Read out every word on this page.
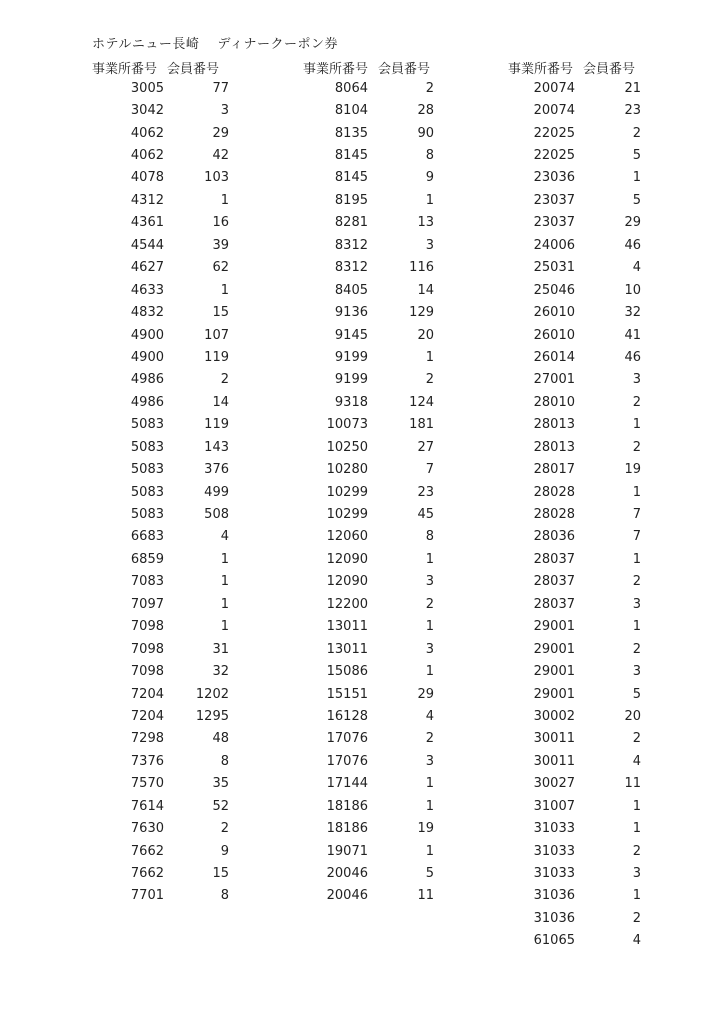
ホテルニュー長崎　 ディナークーポン券
事業所番号 会員番号
3005	77
3042	3
4062	29
4062	42
4078	103
4312	1
4361	16
4544	39
4627	62
4633	1
4832	15
4900	107
4900	119
4986	2
4986	14
5083	119
5083	143
5083	376
5083	499
5083	508
6683	4
6859	1
7083	1
7097	1
7098	1
7098	31
7098	32
7204	1202
7204	1295
7298	48
7376	8
7570	35
7614	52
7630	2
7662	9
7662	15
7701	8
事業所番号 会員番号
8064	2
8104	28
8135	90
8145	8
8145	9
8195	1
8281	13
8312	3
8312	116
8405	14
9136	129
9145	20
9199	1
9199	2
9318	124
10073	181
10250	27
10280	7
10299	23
10299	45
12060	8
12090	1
12090	3
12200	2
13011	1
13011	3
15086	1
15151	29
16128	4
17076	2
17076	3
17144	1
18186	1
18186	19
19071	1
20046	5
20046	11
事業所番号 会員番号
20074	21
20074	23
22025	2
22025	5
23036	1
23037	5
23037	29
24006	46
25031	4
25046	10
26010	32
26010	41
26014	46
27001	3
28010	2
28013	1
28013	2
28017	19
28028	1
28028	7
28036	7
28037	1
28037	2
28037	3
29001	1
29001	2
29001	3
29001	5
30002	20
30011	2
30011	4
30027	11
31007	1
31033	1
31033	2
31033	3
31036	1
31036	2
61065	4
